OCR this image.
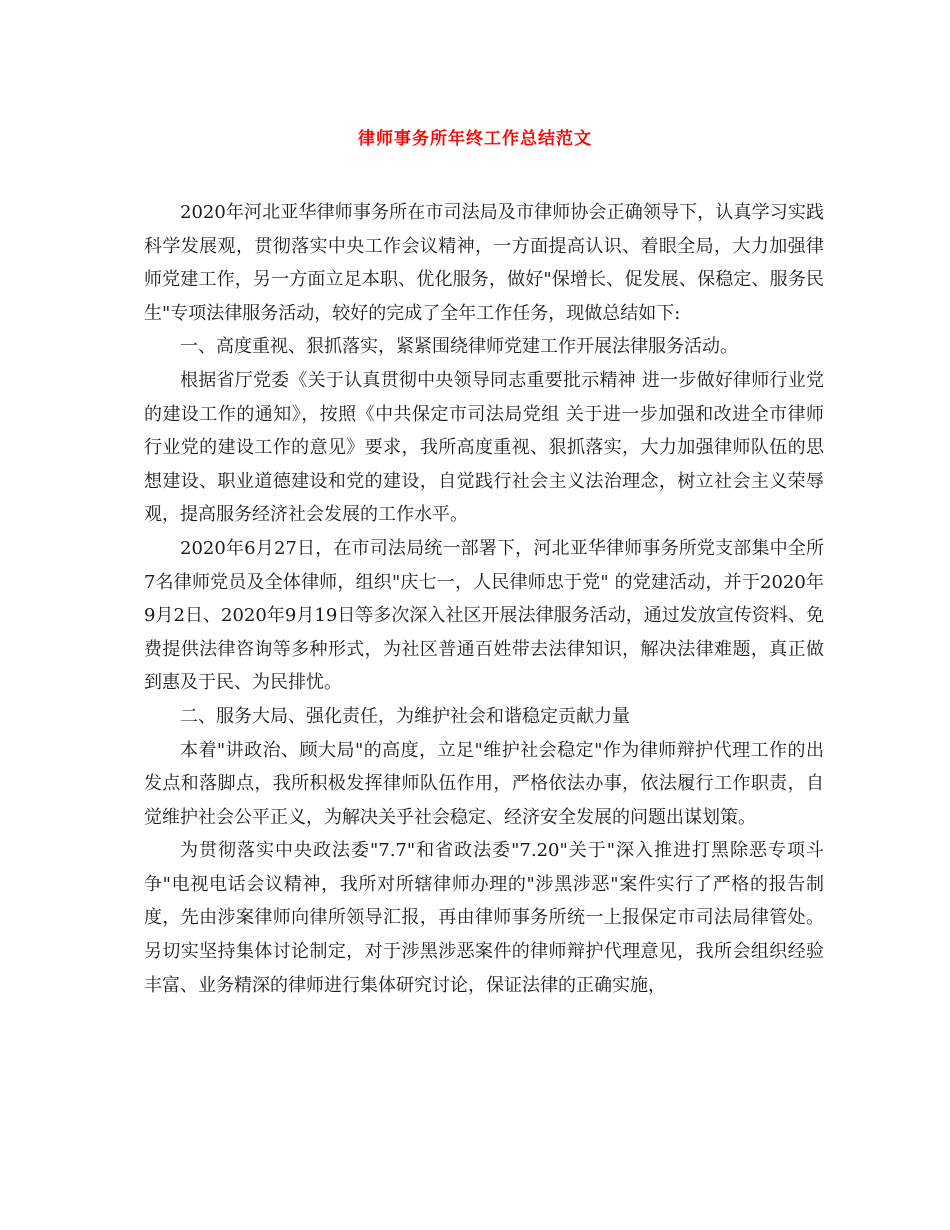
律师事务所年终工作总结范文

2020年河北亚华律师事务所在市司法局及市律师协会正确领导下，认真学习实践科学发展观，贯彻落实中央工作会议精神，一方面提高认识、着眼全局，大力加强律师党建工作，另一方面立足本职、优化服务，做好"保增长、促发展、保稳定、服务民生"专项法律服务活动，较好的完成了全年工作任务，现做总结如下:

一、高度重视、狠抓落实，紧紧围绕律师党建工作开展法律服务活动。

根据省厅党委《关于认真贯彻中央领导同志重要批示精神 进一步做好律师行业党的建设工作的通知》，按照《中共保定市司法局党组 关于进一步加强和改进全市律师行业党的建设工作的意见》要求，我所高度重视、狠抓落实，大力加强律师队伍的思想建设、职业道德建设和党的建设，自觉践行社会主义法治理念，树立社会主义荣辱观，提高服务经济社会发展的工作水平。

2020年6月27日，在市司法局统一部署下，河北亚华律师事务所党支部集中全所7名律师党员及全体律师，组织"庆七一，人民律师忠于党" 的党建活动，并于2020年9月2日、2020年9月19日等多次深入社区开展法律服务活动，通过发放宣传资料、免费提供法律咨询等多种形式，为社区普通百姓带去法律知识，解决法律难题，真正做到惠及于民、为民排忧。

二、服务大局、强化责任，为维护社会和谐稳定贡献力量

本着"讲政治、顾大局"的高度，立足"维护社会稳定"作为律师辩护代理工作的出发点和落脚点，我所积极发挥律师队伍作用，严格依法办事，依法履行工作职责，自觉维护社会公平正义，为解决关乎社会稳定、经济安全发展的问题出谋划策。

为贯彻落实中央政法委"7.7"和省政法委"7.20"关于"深入推进打黑除恶专项斗争"电视电话会议精神，我所对所辖律师办理的"涉黑涉恶"案件实行了严格的报告制度，先由涉案律师向律所领导汇报，再由律师事务所统一上报保定市司法局律管处。另切实坚持集体讨论制定，对于涉黑涉恶案件的律师辩护代理意见，我所会组织经验丰富、业务精深的律师进行集体研究讨论，保证法律的正确实施，
